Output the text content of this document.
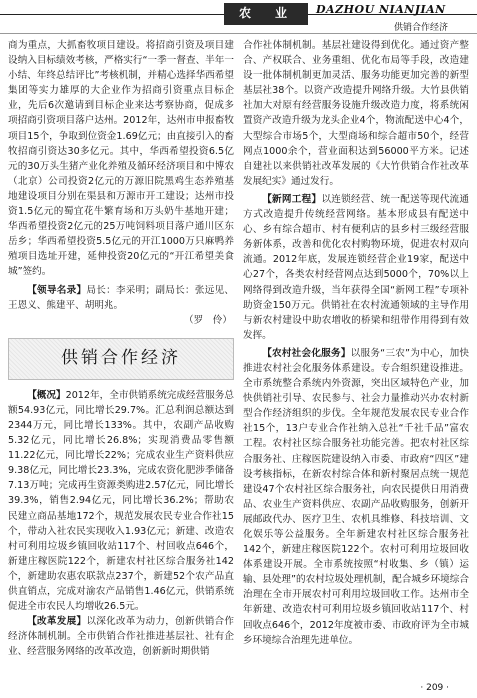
农　业	DAZHOU NIANJIAN
供销合作经济

商为重点，大抓畜牧项目建设。将招商引资及项目建设纳入目标绩效考核，严格实行“一季一督查、半年一小结、年终总结评比”考核机制，并精心选择华西希望集团等实力雄厚的大企业作为招商引资重点目标企业，先后6次邀请到目标企业来达考察协商，促成多项招商引资项目落户达州。2012年，达州市申报畜牧项目15个，争取到位资金1.69亿元；由直接引入的畜牧招商引资达30多亿元。其中，华西希望投资6.5亿元的30万头生猪产业化养殖及循环经济项目和中博农（北京）公司投资2亿元的万源旧院黑鸡生态养殖基地建设项目分别在渠县和万源市开工建设；达州市投资1.5亿元的蜀宜花牛繁育场和万头奶牛基地开建；华西希望投资2亿元的25万吨饲料项目落户通川区东岳乡；华西希望投资5.5亿元的开江1000万只麻鸭养殖项目选址开建，延伸投资20亿元的“开江希望美食城”签约。

【领导名录】局长：李采明；副局长：张远见、王恩义、熊建平、胡明兆。

（罗　伶）

供销合作经济

【概况】2012年，全市供销系统完成经营服务总额54.93亿元，同比增长29.7%。汇总利润总额达到2344万元，同比增长133%。其中，农副产品收购5.32亿元，同比增长26.8%；实现消费品零售额11.22亿元，同比增长22%；完成农业生产资料供应9.38亿元，同比增长23.3%，完成农资化肥涉季储备7.13万吨；完成再生资源类购进2.57亿元，同比增长39.3%，销售2.94亿元，同比增长36.2%；帮助农民建立商品基地172个，规范发展农民专业合作社15个，带动入社农民实现收入1.93亿元；新建、改造农村可利用垃圾乡镇回收站117个、村回收点646个，新建庄稼医院122个，新建农村社区综合服务社142个，新建助农惠农联款点237个，新建52个农产品直供直销点，完成对渝农产品销售1.46亿元，供销系统促进全市农民人均增收26.5元。

【改革发展】以深化改革为动力，创新供销合作经济体制机制。全市供销合作社推进基层社、社有企业、经营服务网络的改革改造，创新新时期供销

合作社体制机制。基层社建设得到优化。通过资产整合、产权联合、业务重组、优化布局等手段，改造建设一批体制机制更加灵活、服务功能更加完善的新型基层社38个。以资产改造提升网络升级。大竹县供销社加大对原有经营服务设施升级改造力度，将系统闲置资产改造升级为龙头企业4个，物流配送中心4个，大型综合市场5个，大型商场和综合超市50个，经营网点1000余个，营业面积达到56000平方米。记述自建社以来供销社改革发展的《大竹供销合作社改革发展纪实》通过发行。

【新网工程】以连锁经营、统一配送等现代流通方式改造提升传统经营网络。基本形成县有配送中心、乡有综合超市、村有便利店的县乡村三级经营服务新体系，改善和优化农村购物环境，促进农村双向流通。2012年底，发展连锁经营企业19家，配送中心27个，各类农村经营网点达到5000个，70%以上网络得到改造升级，当年获得全国“新网工程”专项补助资金150万元。供销社在农村流通领域的主导作用与新农村建设中助农增收的桥梁和纽带作用得到有效发挥。

【农村社会化服务】以服务“三农”为中心，加快推进农村社会化服务体系建设。专合组织建设推进。全市系统整合系统内外资源，突出区域特色产业，加快供销社引导、农民参与、社会力量推动兴办农村新型合作经济组织的步伐。全年规范发展农民专业合作社15个，13户专业合作社纳入总社“千社千品”富农工程。农村社区综合服务社功能完善。把农村社区综合服务社、庄稼医院建设纳入市委、市政府“四区”建设考核指标，在新农村综合体和新村聚居点统一规范建设47个农村社区综合服务社，向农民提供日用消费品、农业生产资料供应、农副产品收购服务，创新开展邮政代办、医疗卫生、农机具维修、科技培训、文化娱乐等公益服务。全年新建农村社区综合服务社142个，新建庄稼医院122个。农村可利用垃圾回收体系建设开展。全市系统按照“村收集、乡（镇）运输、县处理”的农村垃圾处理机制，配合城乡环境综合治理在全市开展农村可利用垃圾回收工作。达州市全年新建、改造农村可利用垃圾乡镇回收站117个、村回收点646个，2012年度被市委、市政府评为全市城乡环境综合治理先进单位。

· 209 ·
